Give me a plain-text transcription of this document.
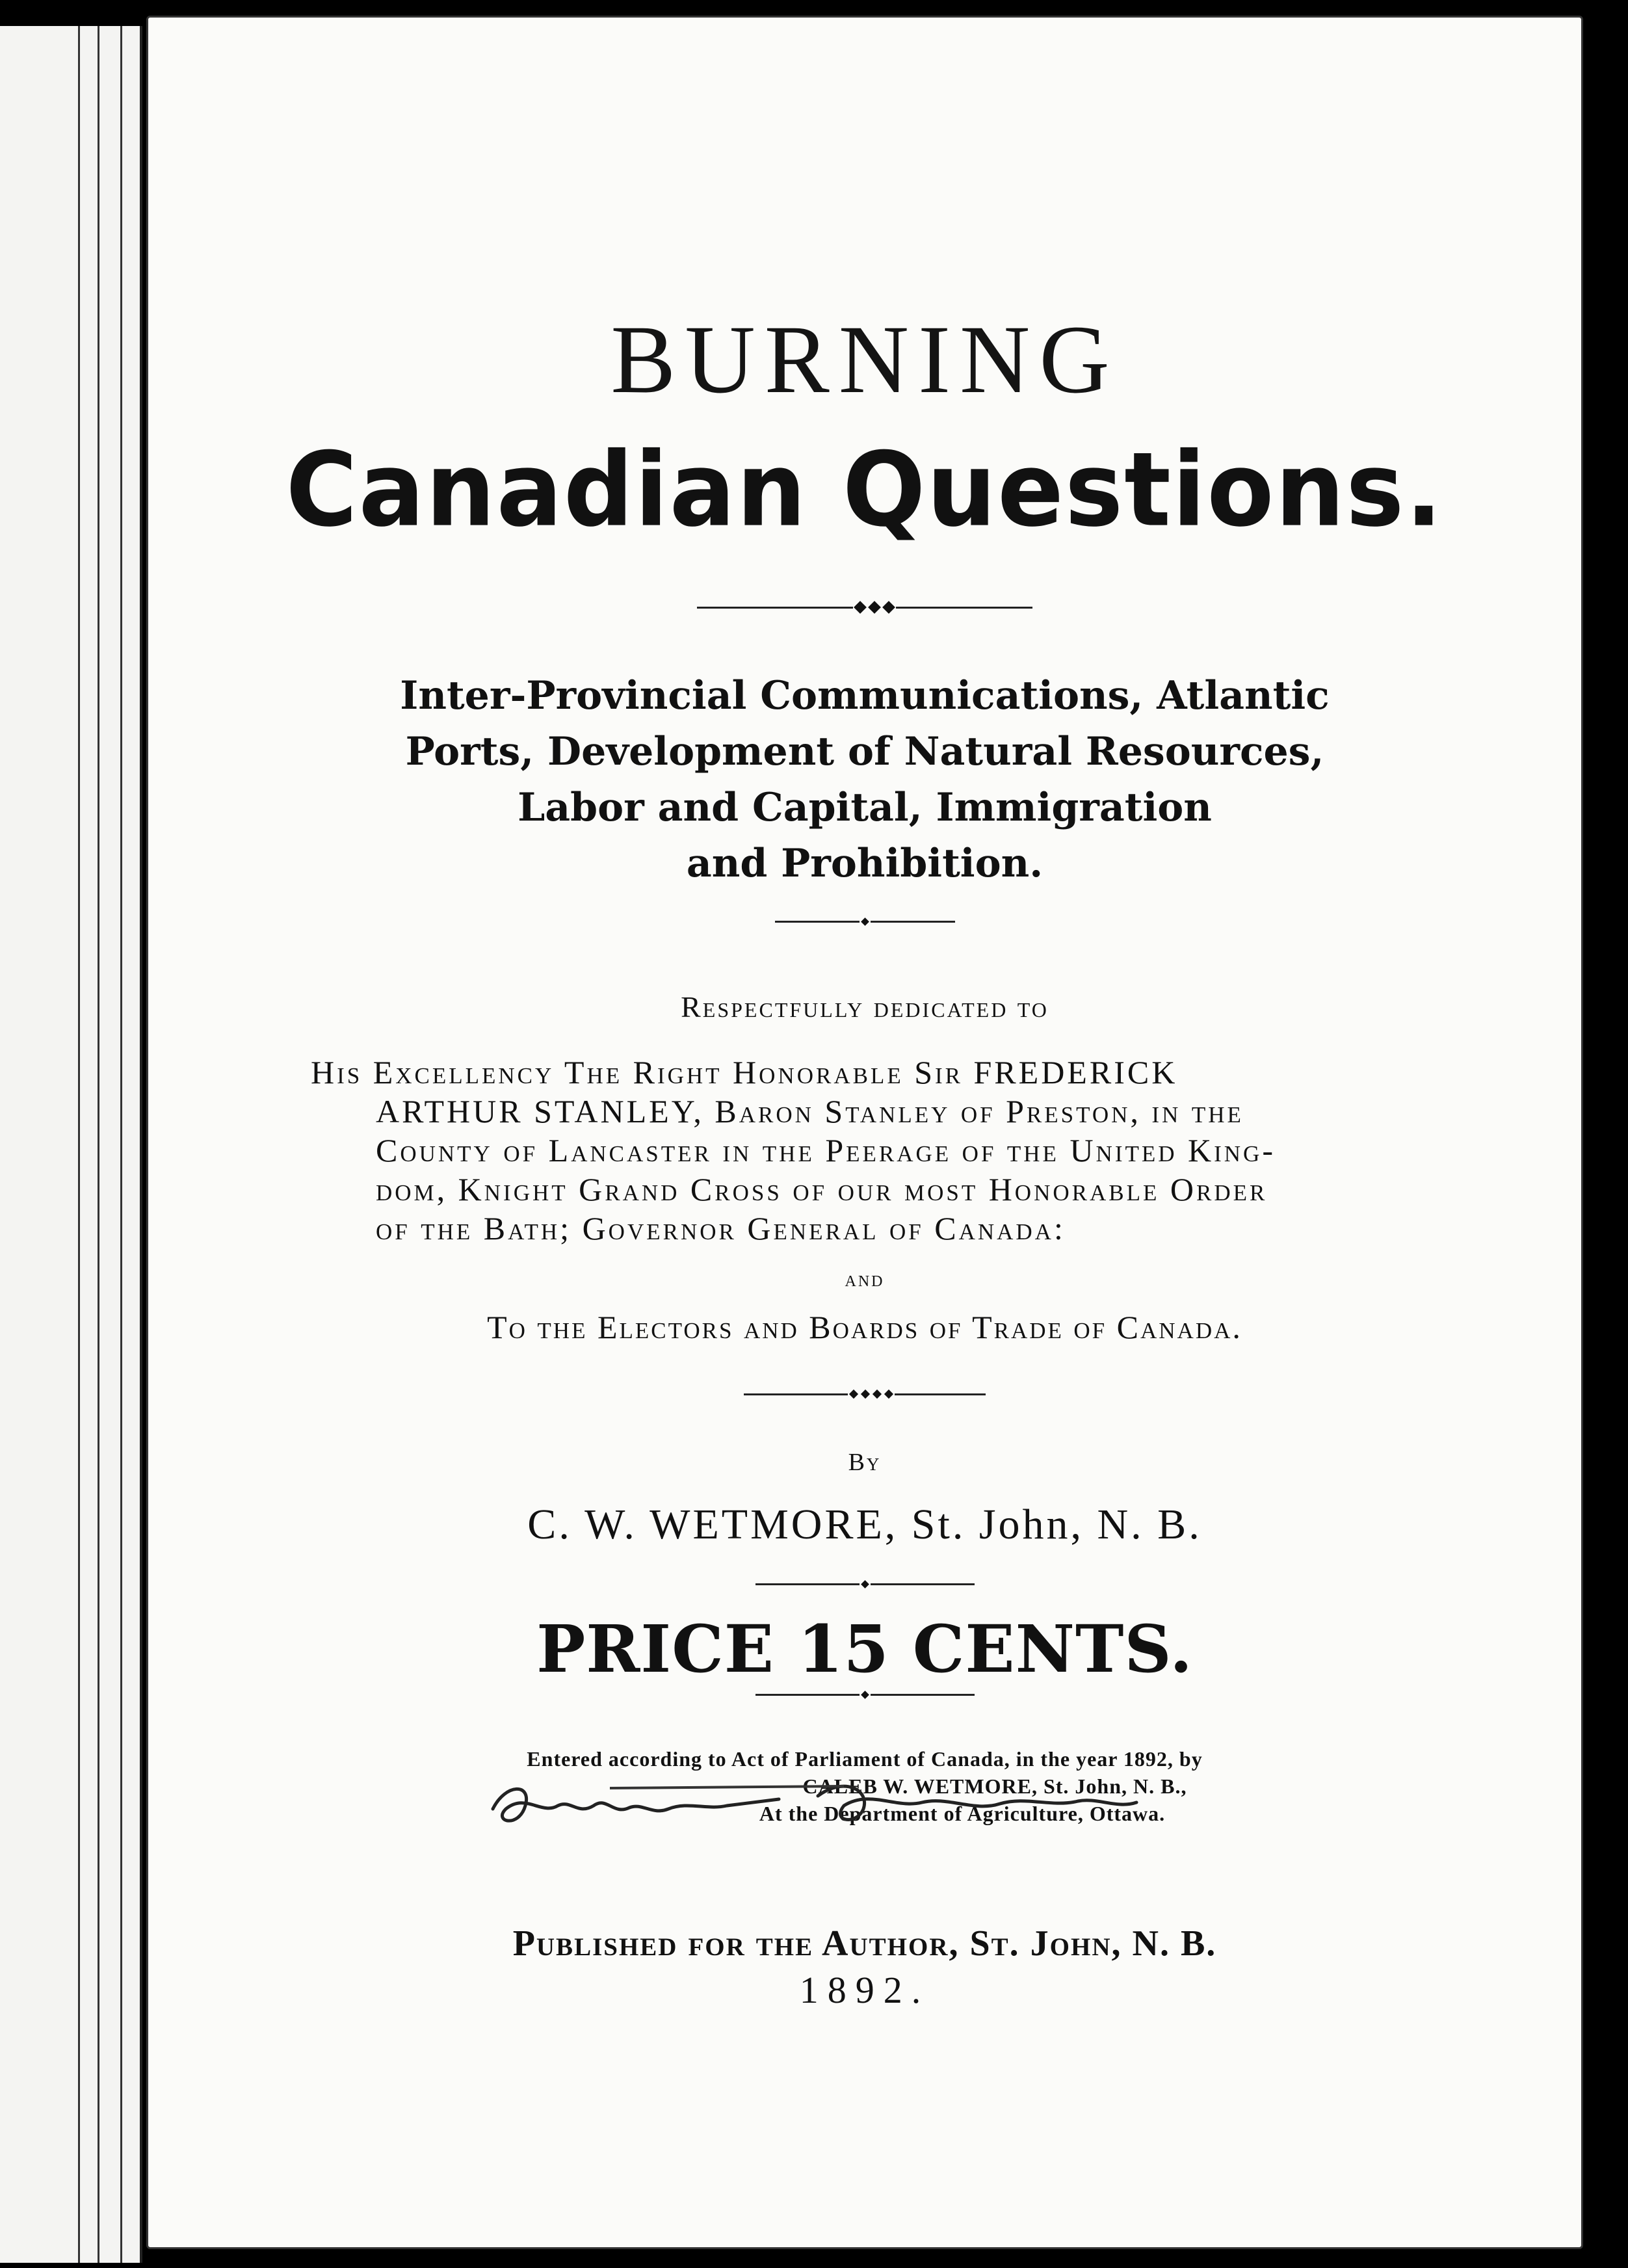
BURNING
Canadian Questions.
Inter-Provincial Communications, Atlantic
Ports, Development of Natural Resources,
Labor and Capital, Immigration
and Prohibition.
Respectfully dedicated to
His Excellency The Right Honorable Sir FREDERICK
ARTHUR STANLEY, Baron Stanley of Preston, in the
County of Lancaster in the Peerage of the United King-
dom, Knight Grand Cross of our most Honorable Order
of the Bath; Governor General of Canada:
and
To the Electors and Boards of Trade of Canada.
By
C. W. WETMORE, St. John, N. B.
PRICE 15 CENTS.
Entered according to Act of Parliament of Canada, in the year 1892, by
CALEB W. WETMORE, St. John, N. B.,
At the Department of Agriculture, Ottawa.
Published for the Author, St. John, N. B.
1892.
